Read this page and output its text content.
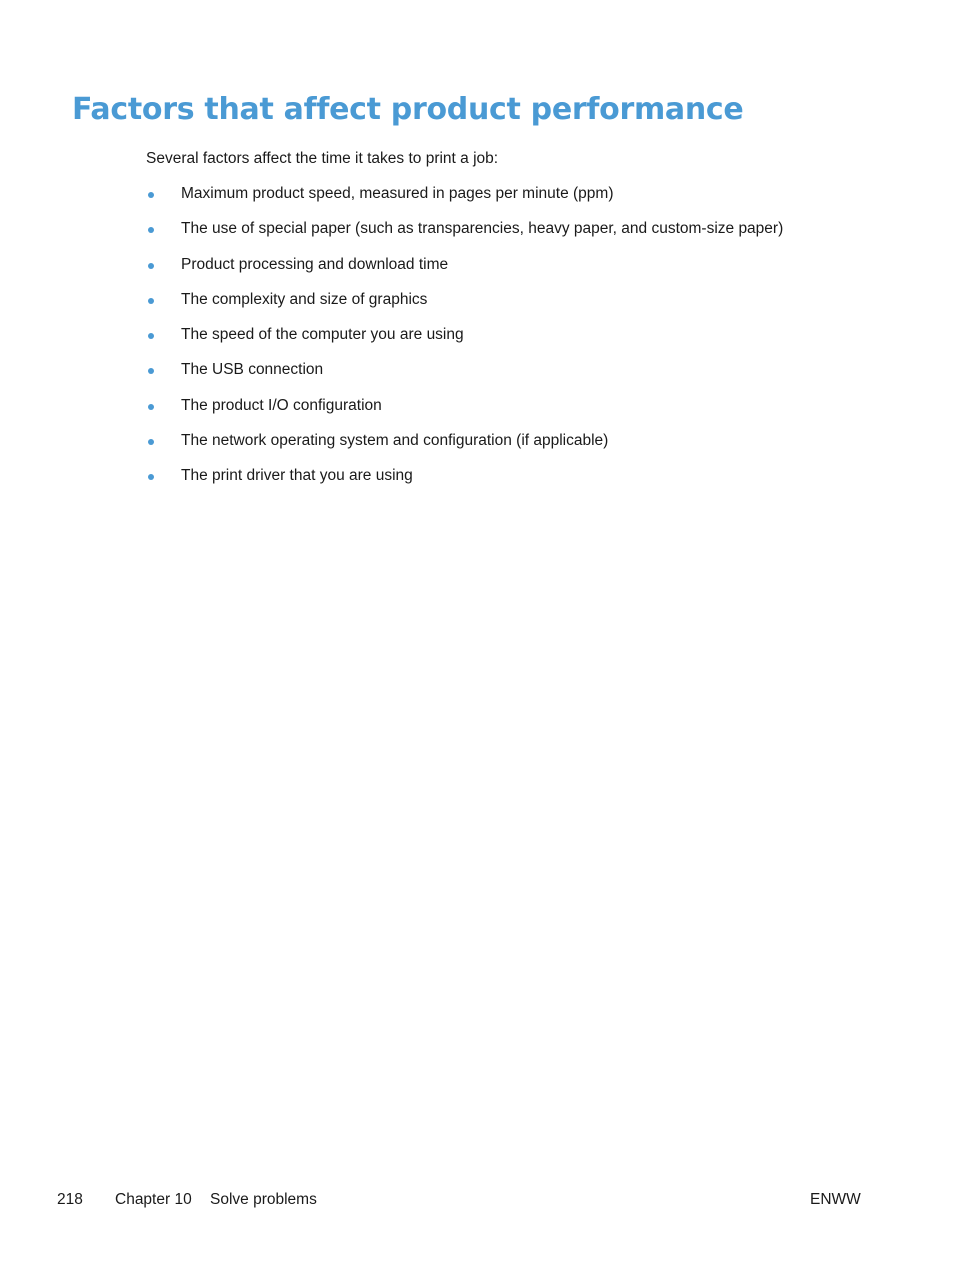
Factors that affect product performance

Several factors affect the time it takes to print a job:

Maximum product speed, measured in pages per minute (ppm)
The use of special paper (such as transparencies, heavy paper, and custom-size paper)
Product processing and download time
The complexity and size of graphics
The speed of the computer you are using
The USB connection
The product I/O configuration
The network operating system and configuration (if applicable)
The print driver that you are using
218 Chapter 10 Solve problems	ENWW
